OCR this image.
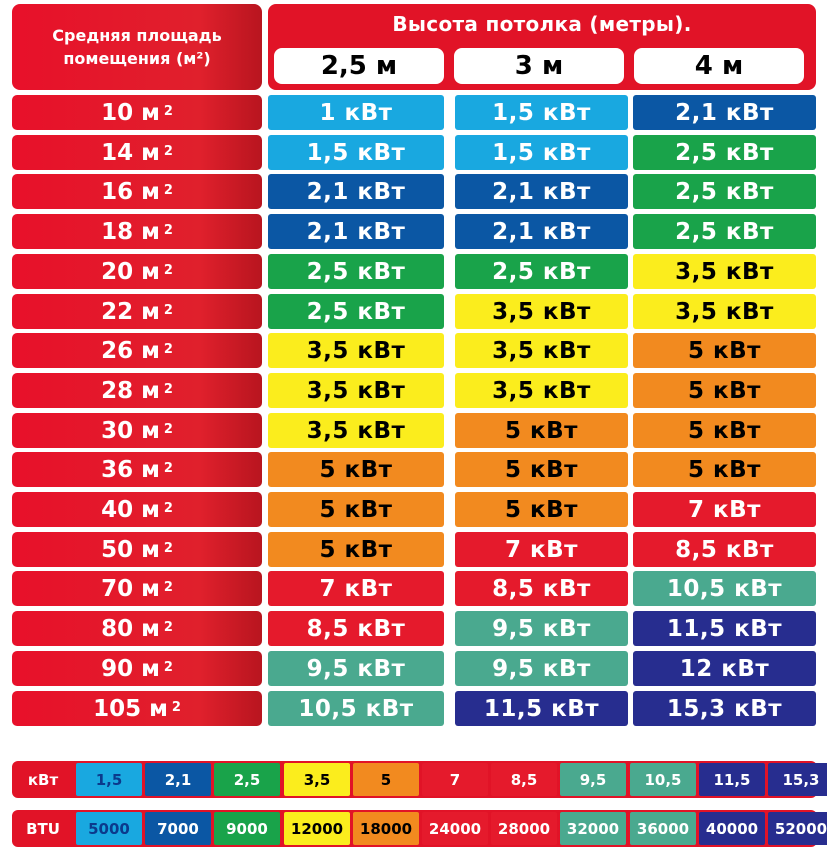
Средняя площадь
помещения (м²)
Высота потолка (метры).
2,5 м	3 м	4 м
10 м $^2$	1 кВт	1,5 кВт	2,1 кВт
14 м $^2$	1,5 кВт	1,5 кВт	2,5 кВт
16 м $^2$	2,1 кВт	2,1 кВт	2,5 кВт
18 м $^2$	2,1 кВт	2,1 кВт	2,5 кВт
20 м $^2$	2,5 кВт	2,5 кВт	3,5 кВт
22 м $^2$	2,5 кВт	3,5 кВт	3,5 кВт
26 м $^2$	3,5 кВт	3,5 кВт	5 кВт
28 м $^2$	3,5 кВт	3,5 кВт	5 кВт
30 м $^2$	3,5 кВт	5 кВт	5 кВт
36 м $^2$	5 кВт	5 кВт	5 кВт
40 м $^2$	5 кВт	5 кВт	7 кВт
50 м $^2$	5 кВт	7 кВт	8,5 кВт
70 м $^2$	7 кВт	8,5 кВт	10,5 кВт
80 м $^2$	8,5 кВт	9,5 кВт	11,5 кВт
90 м $^2$	9,5 кВт	9,5 кВт	12 кВт
105 м $^2$	10,5 кВт	11,5 кВт	15,3 кВт
кВт	1,5	2,1	2,5	3,5	5	7	8,5	9,5	10,5	11,5	15,3
BTU	5000	7000	9000	12000	18000	24000	28000	32000	36000	40000	52000
